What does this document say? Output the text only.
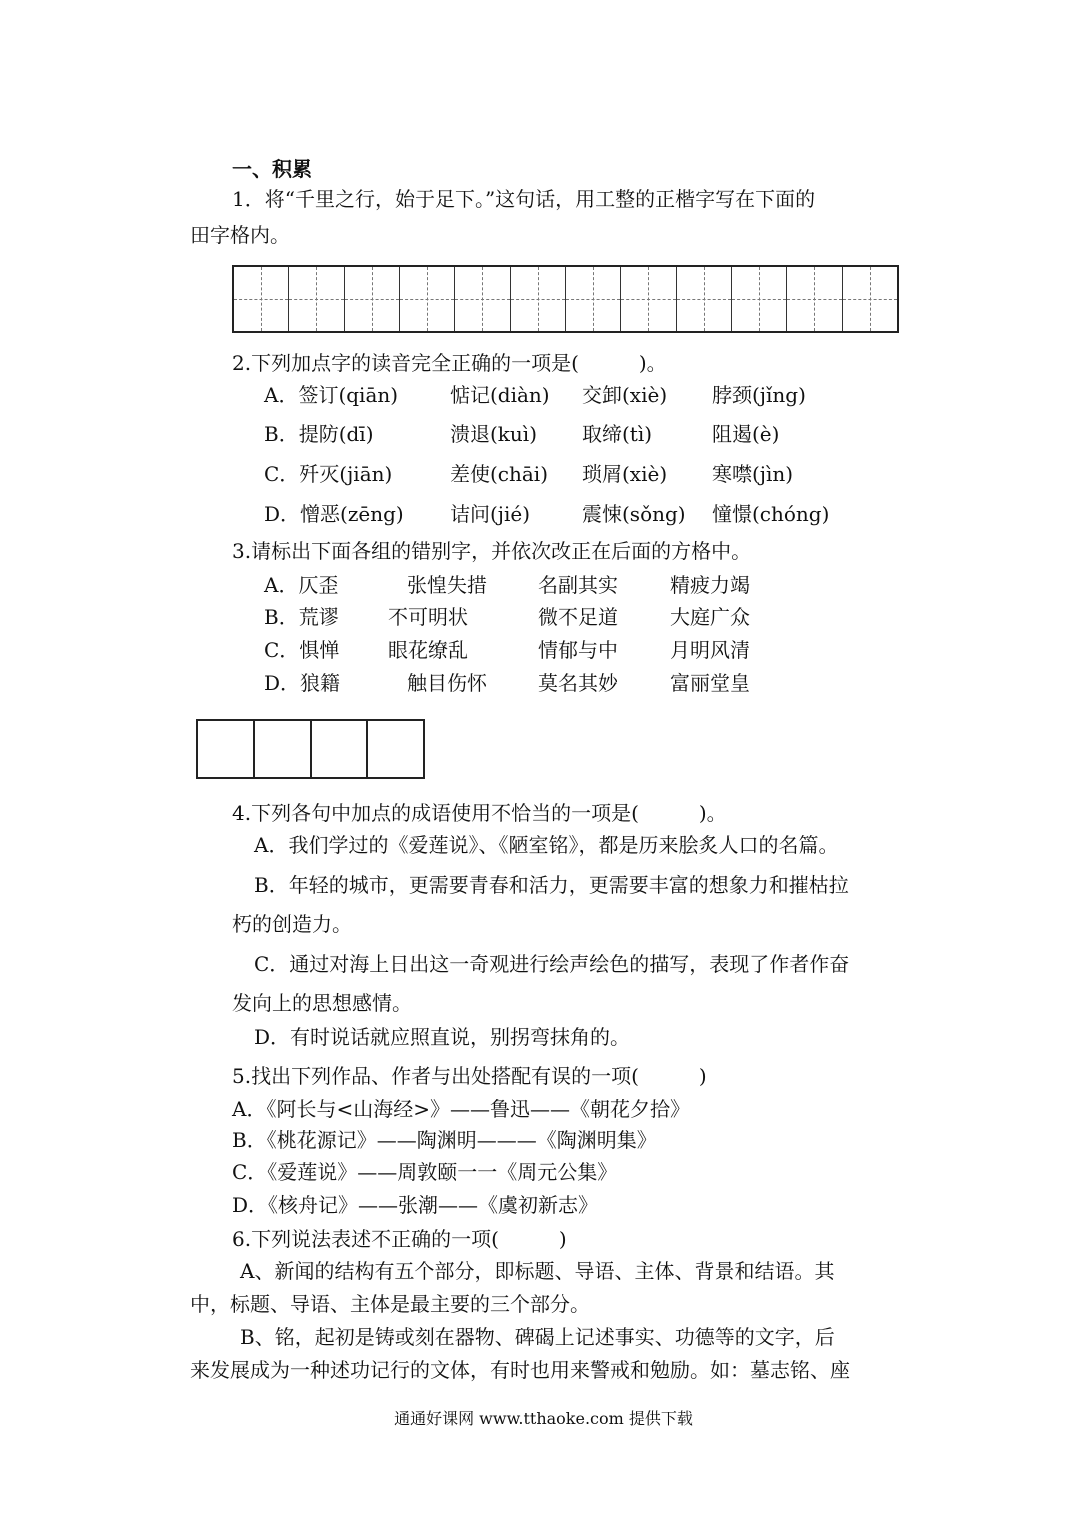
一、积累
1．将“千里之行，始于足下。”这句话，用工整的正楷字写在下面的
田字格内。
2.下列加点字的读音完全正确的一项是(　　　)。
A．签订(qiān)	惦记(diàn) 交卸(xiè) 脖颈(jǐng)
B．提防(dī)	溃退(kuì) 取缔(tì)	阻遏(è)
C．歼灭(jiān)	差使(chāi) 琐屑(xiè) 寒噤(jìn)
D．憎恶(zēng) 诘问(jié)	震悚(sǒng) 憧憬(chóng)
3.请标出下面各组的错别字，并依次改正在后面的方格中。
A．仄歪	张惶失措	名副其实	精疲力竭
B．荒谬 不可明状	微不足道	大庭广众
C．惧惮 眼花缭乱	情郁与中	月明风清
D．狼籍	触目伤怀	莫名其妙	富丽堂皇
4.下列各句中加点的成语使用不恰当的一项是(　　　)。
A．我们学过的《爱莲说》、《陋室铭》，都是历来脍炙人口的名篇。
B．年轻的城市，更需要青春和活力，更需要丰富的想象力和摧枯拉
朽的创造力。
C．通过对海上日出这一奇观进行绘声绘色的描写，表现了作者作奋
发向上的思想感情。
D．有时说话就应照直说，别拐弯抹角的。
5.找出下列作品、作者与出处搭配有误的一项(　　　)
A．《阿长与<山海经>》——鲁迅——《朝花夕拾》
B．《桃花源记》——陶渊明———《陶渊明集》
C．《爱莲说》——周敦颐一一《周元公集》
D．《核舟记》——张潮——《虞初新志》
6.下列说法表述不正确的一项(　　　)
A、新闻的结构有五个部分，即标题、导语、主体、背景和结语。其
中，标题、导语、主体是最主要的三个部分。
B、铭，起初是铸或刻在器物、碑碣上记述事实、功德等的文字，后
来发展成为一种述功记行的文体，有时也用来警戒和勉励。如：墓志铭、座
通通好课网 www.tthaoke.com 提供下载
